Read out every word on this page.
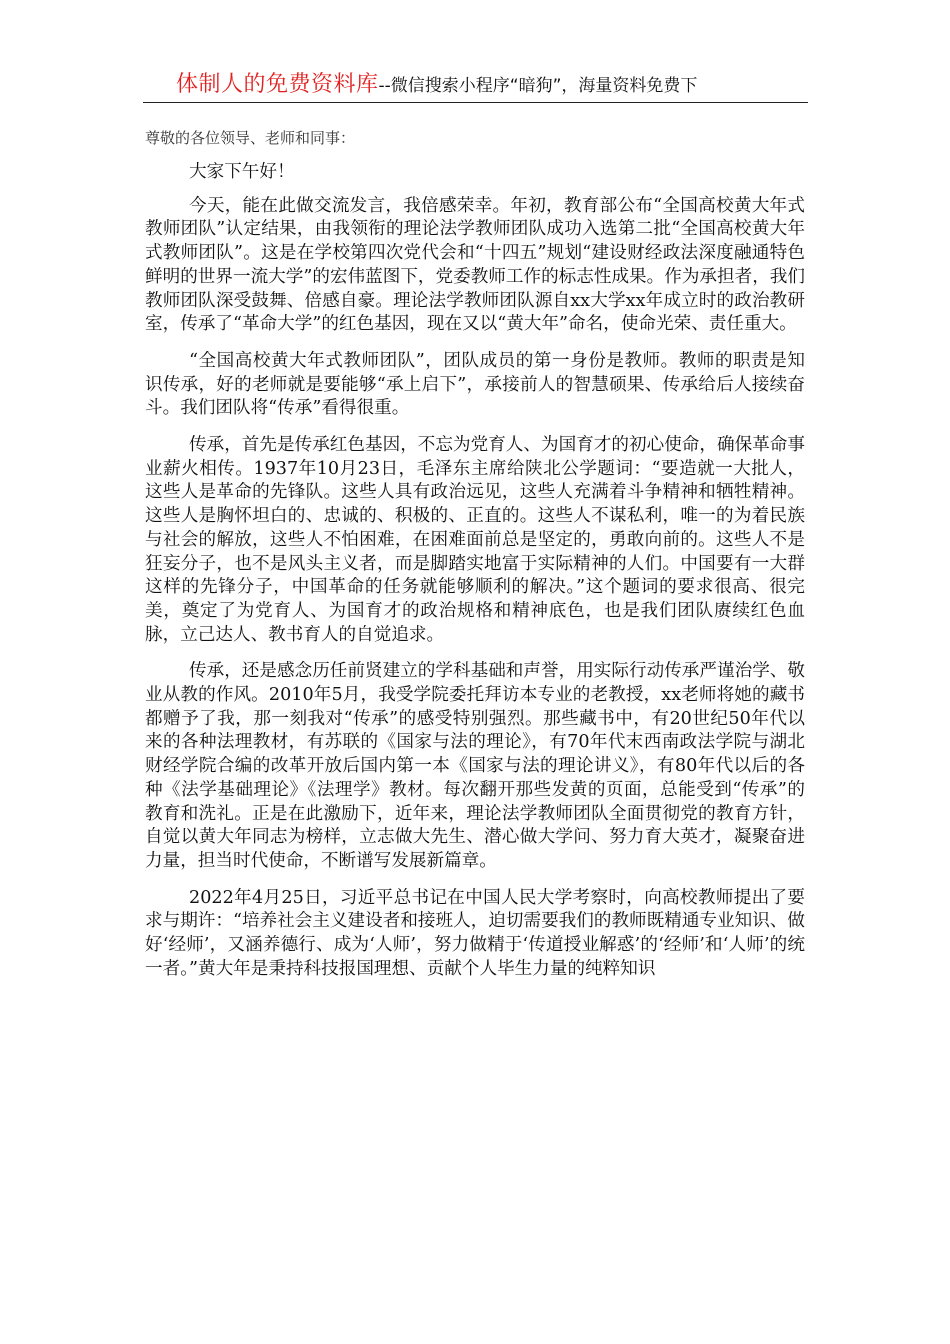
体制人的免费资料库--微信搜索小程序“暗狗”，海量资料免费下
尊敬的各位领导、老师和同事：

大家下午好！

今天，能在此做交流发言，我倍感荣幸。年初，教育部公布“全国高校黄大年式教师团队”认定结果，由我领衔的理论法学教师团队成功入选第二批“全国高校黄大年式教师团队”。这是在学校第四次党代会和“十四五”规划“建设财经政法深度融通特色鲜明的世界一流大学”的宏伟蓝图下，党委教师工作的标志性成果。作为承担者，我们教师团队深受鼓舞、倍感自豪。理论法学教师团队源自xx大学xx年成立时的政治教研室，传承了“革命大学”的红色基因，现在又以“黄大年”命名，使命光荣、责任重大。

“全国高校黄大年式教师团队”，团队成员的第一身份是教师。教师的职责是知识传承，好的老师就是要能够“承上启下”，承接前人的智慧硕果、传承给后人接续奋斗。我们团队将“传承”看得很重。

传承，首先是传承红色基因，不忘为党育人、为国育才的初心使命，确保革命事业薪火相传。1937年10月23日，毛泽东主席给陕北公学题词：“要造就一大批人，这些人是革命的先锋队。这些人具有政治远见，这些人充满着斗争精神和牺牲精神。这些人是胸怀坦白的、忠诚的、积极的、正直的。这些人不谋私利，唯一的为着民族与社会的解放，这些人不怕困难，在困难面前总是坚定的，勇敢向前的。这些人不是狂妄分子，也不是风头主义者，而是脚踏实地富于实际精神的人们。中国要有一大群这样的先锋分子，中国革命的任务就能够顺利的解决。”这个题词的要求很高、很完美，奠定了为党育人、为国育才的政治规格和精神底色，也是我们团队赓续红色血脉，立己达人、教书育人的自觉追求。

传承，还是感念历任前贤建立的学科基础和声誉，用实际行动传承严谨治学、敬业从教的作风。2010年5月，我受学院委托拜访本专业的老教授，xx老师将她的藏书都赠予了我，那一刻我对“传承”的感受特别强烈。那些藏书中，有20世纪50年代以来的各种法理教材，有苏联的《国家与法的理论》，有70年代末西南政法学院与湖北财经学院合编的改革开放后国内第一本《国家与法的理论讲义》，有80年代以后的各种《法学基础理论》《法理学》教材。每次翻开那些发黄的页面，总能受到“传承”的教育和洗礼。正是在此激励下，近年来，理论法学教师团队全面贯彻党的教育方针，自觉以黄大年同志为榜样，立志做大先生、潜心做大学问、努力育大英才，凝聚奋进力量，担当时代使命，不断谱写发展新篇章。

2022年4月25日，习近平总书记在中国人民大学考察时，向高校教师提出了要求与期许：“培养社会主义建设者和接班人，迫切需要我们的教师既精通专业知识、做好‘经师’，又涵养德行、成为‘人师’，努力做精于‘传道授业解惑’的‘经师’和‘人师’的统一者。”黄大年是秉持科技报国理想、贡献个人毕生力量的纯粹知识
